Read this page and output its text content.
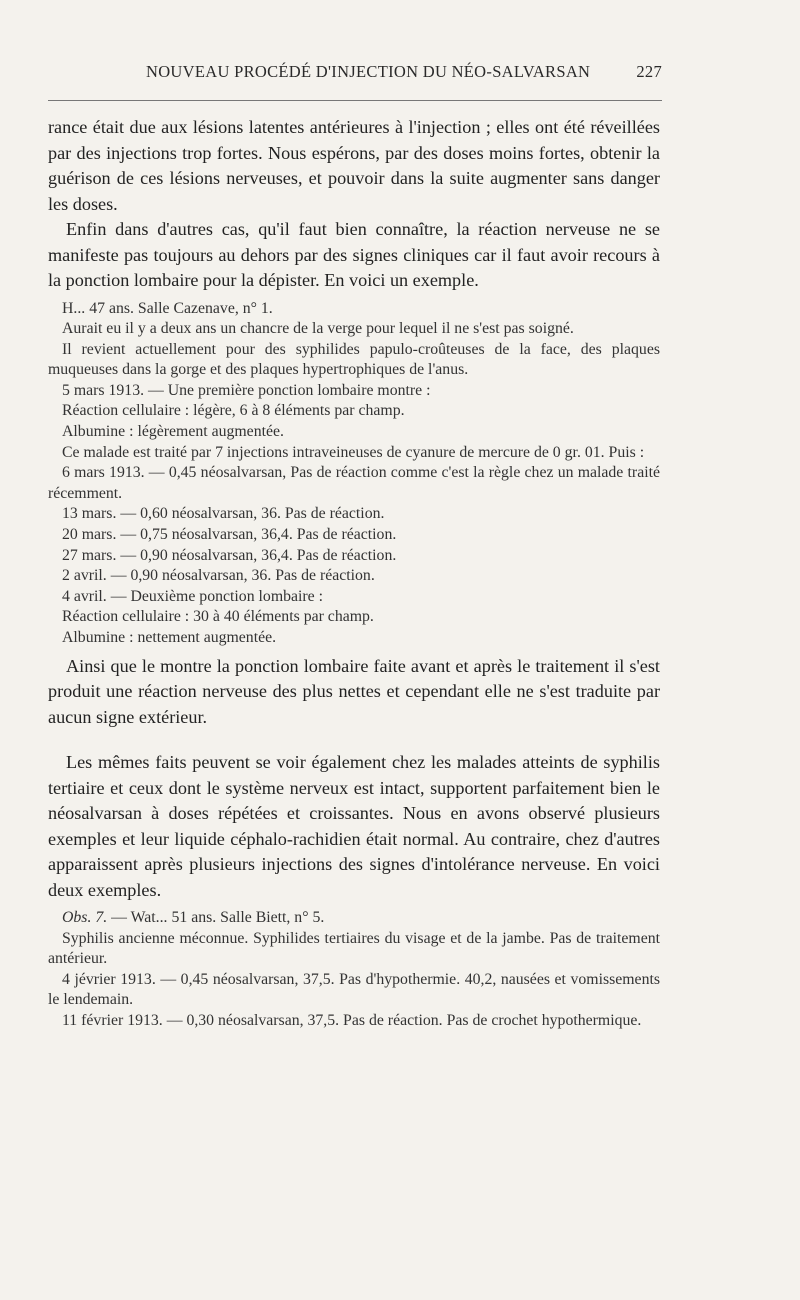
NOUVEAU PROCÉDÉ D'INJECTION DU NÉO-SALVARSAN	227

rance était due aux lésions latentes antérieures à l'injection ; elles ont été réveillées par des injections trop fortes. Nous espérons, par des doses moins fortes, obtenir la guérison de ces lésions nerveuses, et pouvoir dans la suite augmenter sans danger les doses.

Enfin dans d'autres cas, qu'il faut bien connaître, la réaction nerveuse ne se manifeste pas toujours au dehors par des signes cliniques car il faut avoir recours à la ponction lombaire pour la dépister. En voici un exemple.

H... 47 ans. Salle Cazenave, n° 1.

Aurait eu il y a deux ans un chancre de la verge pour lequel il ne s'est pas soigné.

Il revient actuellement pour des syphilides papulo-croûteuses de la face, des plaques muqueuses dans la gorge et des plaques hypertrophiques de l'anus.

5 mars 1913. — Une première ponction lombaire montre :

Réaction cellulaire : légère, 6 à 8 éléments par champ.

Albumine : légèrement augmentée.

Ce malade est traité par 7 injections intraveineuses de cyanure de mercure de 0 gr. 01. Puis :

6 mars 1913. — 0,45 néosalvarsan, Pas de réaction comme c'est la règle chez un malade traité récemment.

13 mars. — 0,60 néosalvarsan, 36. Pas de réaction.

20 mars. — 0,75 néosalvarsan, 36,4. Pas de réaction.

27 mars. — 0,90 néosalvarsan, 36,4. Pas de réaction.

2 avril. — 0,90 néosalvarsan, 36. Pas de réaction.

4 avril. — Deuxième ponction lombaire :

Réaction cellulaire : 30 à 40 éléments par champ.

Albumine : nettement augmentée.

Ainsi que le montre la ponction lombaire faite avant et après le traitement il s'est produit une réaction nerveuse des plus nettes et cependant elle ne s'est traduite par aucun signe extérieur.

Les mêmes faits peuvent se voir également chez les malades atteints de syphilis tertiaire et ceux dont le système nerveux est intact, supportent parfaitement bien le néosalvarsan à doses répétées et croissantes. Nous en avons observé plusieurs exemples et leur liquide céphalo-rachidien était normal. Au contraire, chez d'autres apparaissent après plusieurs injections des signes d'intolérance nerveuse. En voici deux exemples.

Obs. 7. — Wat... 51 ans. Salle Biett, n° 5.

Syphilis ancienne méconnue. Syphilides tertiaires du visage et de la jambe. Pas de traitement antérieur.

4 jévrier 1913. — 0,45 néosalvarsan, 37,5. Pas d'hypothermie. 40,2, nausées et vomissements le lendemain.

11 février 1913. — 0,30 néosalvarsan, 37,5. Pas de réaction. Pas de crochet hypothermique.
